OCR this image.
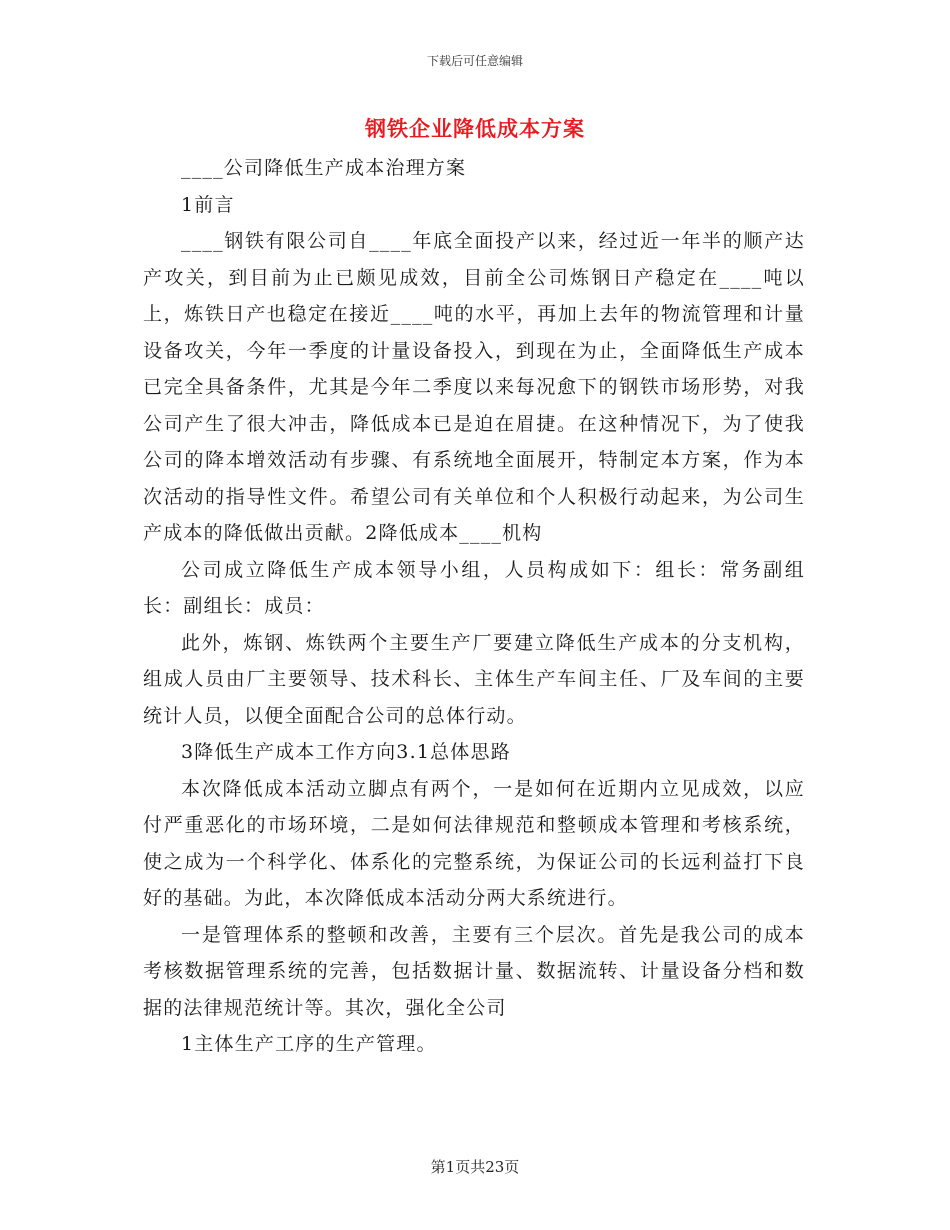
下载后可任意编辑
钢铁企业降低成本方案

____公司降低生产成本治理方案

1前言

____钢铁有限公司自____年底全面投产以来，经过近一年半的顺产达产攻关，到目前为止已颇见成效，目前全公司炼钢日产稳定在____吨以上，炼铁日产也稳定在接近____吨的水平，再加上去年的物流管理和计量设备攻关，今年一季度的计量设备投入，到现在为止，全面降低生产成本已完全具备条件，尤其是今年二季度以来每况愈下的钢铁市场形势，对我公司产生了很大冲击，降低成本已是迫在眉捷。在这种情况下，为了使我公司的降本增效活动有步骤、有系统地全面展开，特制定本方案，作为本次活动的指导性文件。希望公司有关单位和个人积极行动起来，为公司生产成本的降低做出贡献。2降低成本____机构

公司成立降低生产成本领导小组，人员构成如下：组长：常务副组长：副组长：成员：

此外，炼钢、炼铁两个主要生产厂要建立降低生产成本的分支机构，组成人员由厂主要领导、技术科长、主体生产车间主任、厂及车间的主要统计人员，以便全面配合公司的总体行动。

3降低生产成本工作方向3.1总体思路

本次降低成本活动立脚点有两个，一是如何在近期内立见成效，以应付严重恶化的市场环境，二是如何法律规范和整顿成本管理和考核系统，使之成为一个科学化、体系化的完整系统，为保证公司的长远利益打下良好的基础。为此，本次降低成本活动分两大系统进行。

一是管理体系的整顿和改善，主要有三个层次。首先是我公司的成本考核数据管理系统的完善，包括数据计量、数据流转、计量设备分档和数据的法律规范统计等。其次，强化全公司

1主体生产工序的生产管理。

第1页共23页
